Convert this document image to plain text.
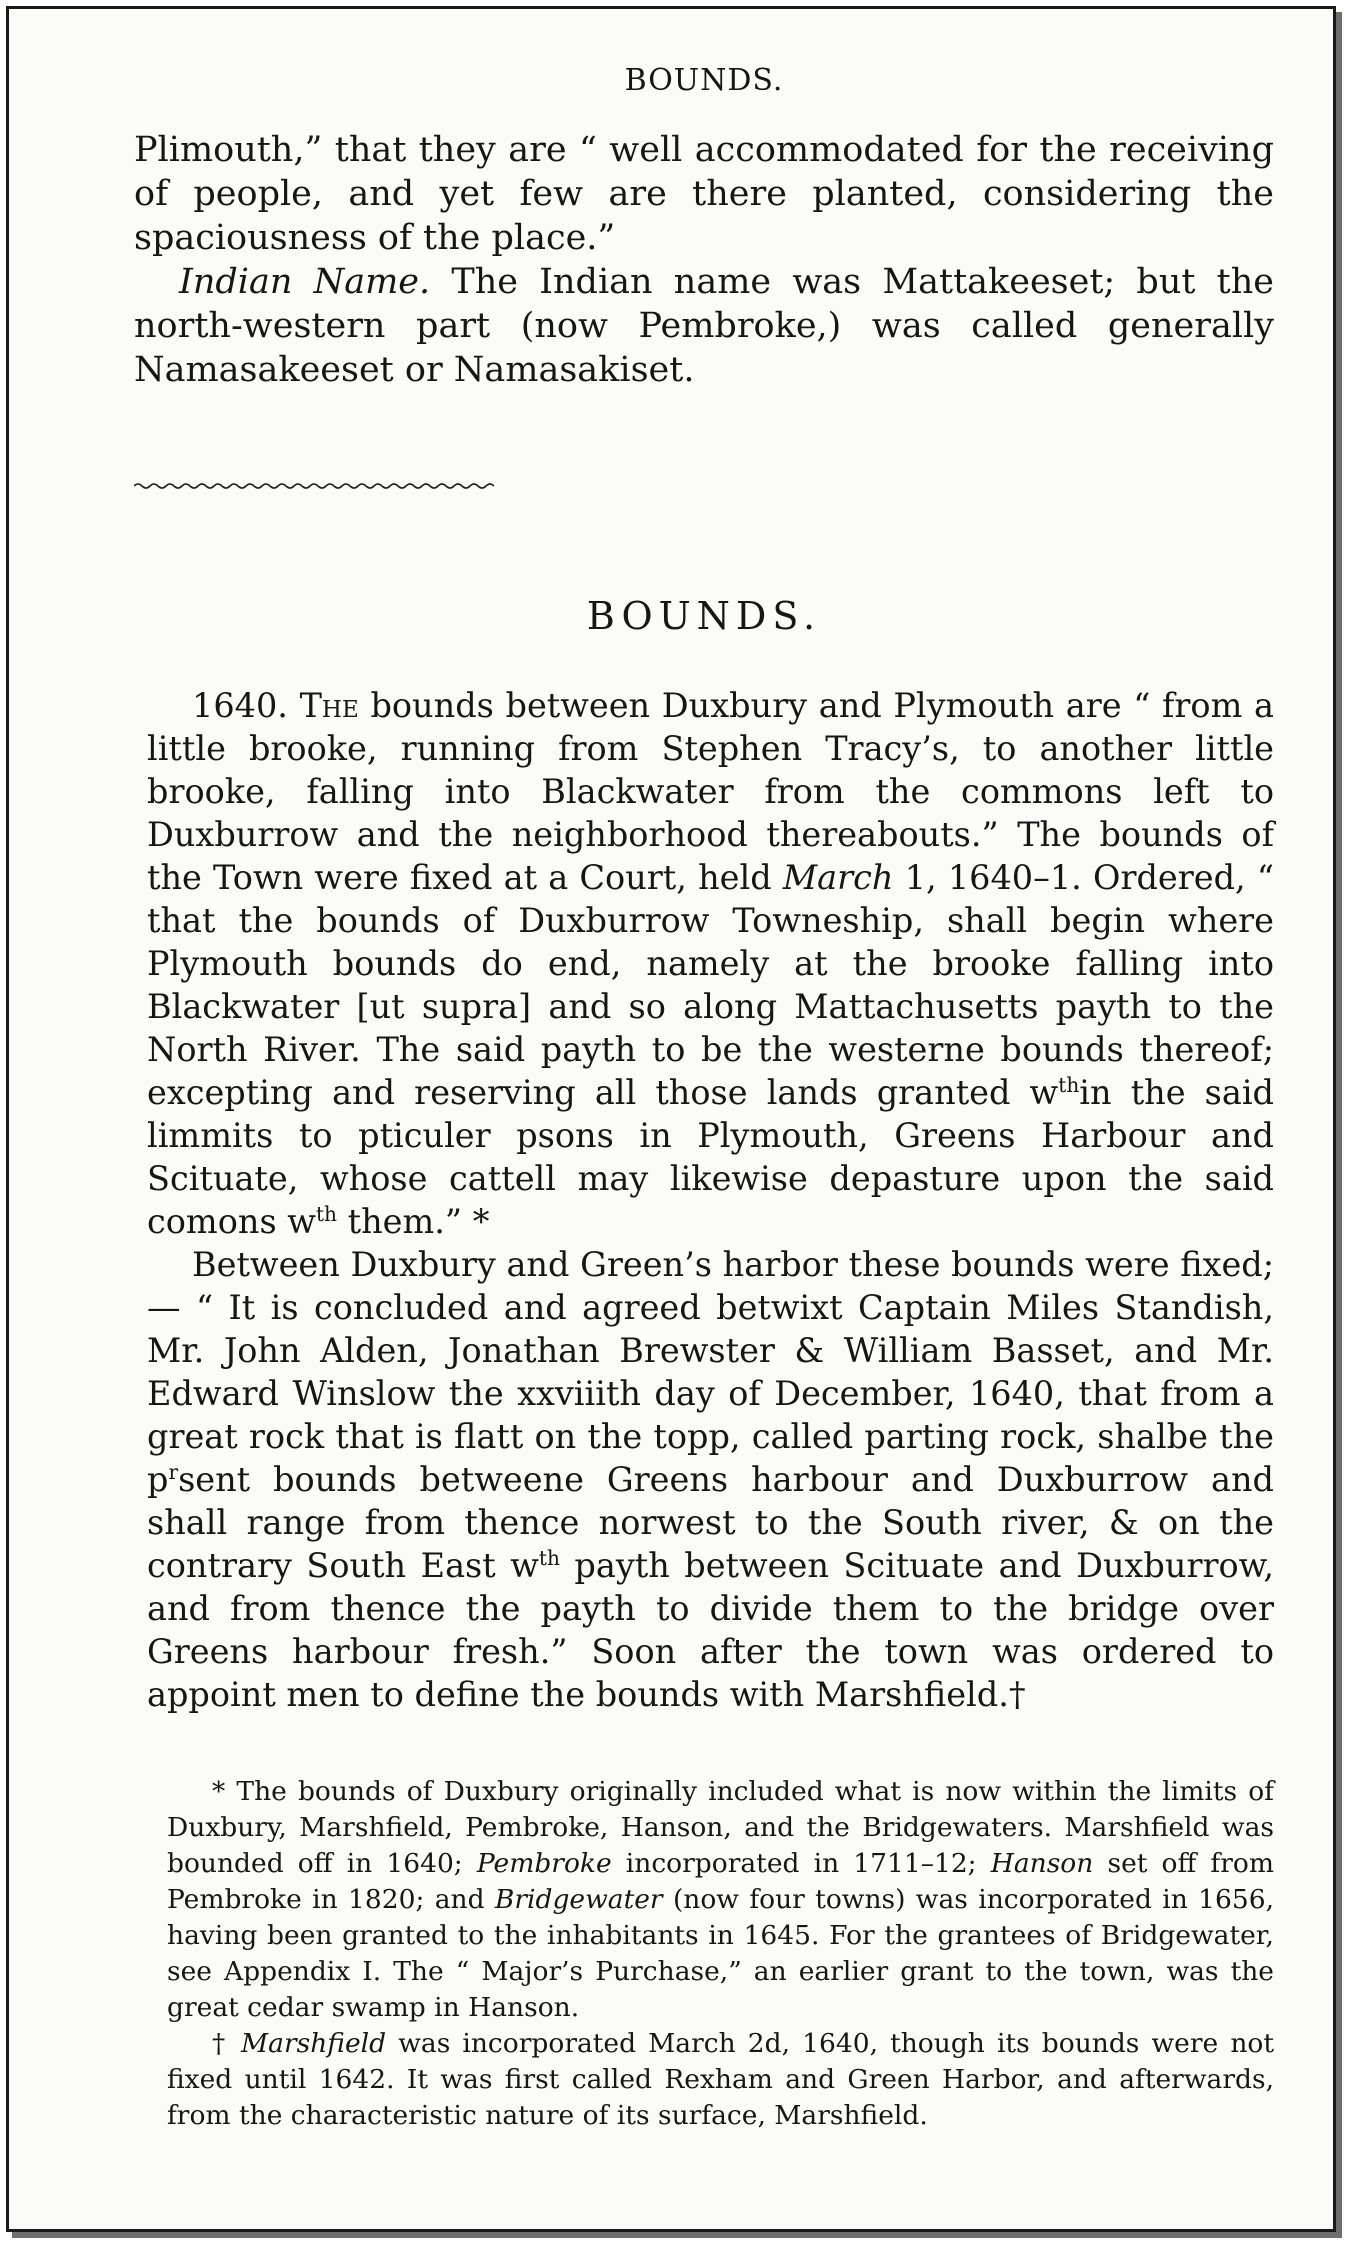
BOUNDS.

Plimouth,” that they are “ well accommodated for the receiving of people, and yet few are there planted, considering the spaciousness of the place.”

Indian Name. The Indian name was Mattakeeset; but the north-western part (now Pembroke,) was called generally Namasakeeset or Namasakiset.

BOUNDS.

1640. The bounds between Duxbury and Plymouth are “ from a little brooke, running from Stephen Tracy’s, to another little brooke, falling into Blackwater from the commons left to Duxburrow and the neighborhood thereabouts.” The bounds of the Town were fixed at a Court, held March 1, 1640–1. Ordered, “ that the bounds of Duxburrow Towneship, shall begin where Plymouth bounds do end, namely at the brooke falling into Blackwater [ut supra] and so along Mattachusetts payth to the North River. The said payth to be the westerne bounds thereof; excepting and reserving all those lands granted $w^{th}in$ the said limmits to pticuler psons in Plymouth, Greens Harbour and Scituate, whose cattell may likewise depasture upon the said comons $w^{th}$ them.” *

Between Duxbury and Green’s harbor these bounds were fixed; — “ It is concluded and agreed betwixt Captain Miles Standish, Mr. John Alden, Jonathan Brewster & William Basset, and Mr. Edward Winslow the xxviiith day of December, 1640, that from a great rock that is flatt on the topp, called parting rock, shalbe the $p^rsent$ bounds betweene Greens harbour and Duxburrow and shall range from thence norwest to the South river, & on the contrary South East $w^{th}$ payth between Scituate and Duxburrow, and from thence the payth to divide them to the bridge over Greens harbour fresh.” Soon after the town was ordered to appoint men to define the bounds with Marshfield.†

* The bounds of Duxbury originally included what is now within the limits of Duxbury, Marshfield, Pembroke, Hanson, and the Bridgewaters. Marshfield was bounded off in 1640; Pembroke incorporated in 1711–12; Hanson set off from Pembroke in 1820; and Bridgewater (now four towns) was incorporated in 1656, having been granted to the inhabitants in 1645. For the grantees of Bridgewater, see Appendix I. The “ Major’s Purchase,” an earlier grant to the town, was the great cedar swamp in Hanson.

† Marshfield was incorporated March 2d, 1640, though its bounds were not fixed until 1642. It was first called Rexham and Green Harbor, and afterwards, from the characteristic nature of its surface, Marshfield.
